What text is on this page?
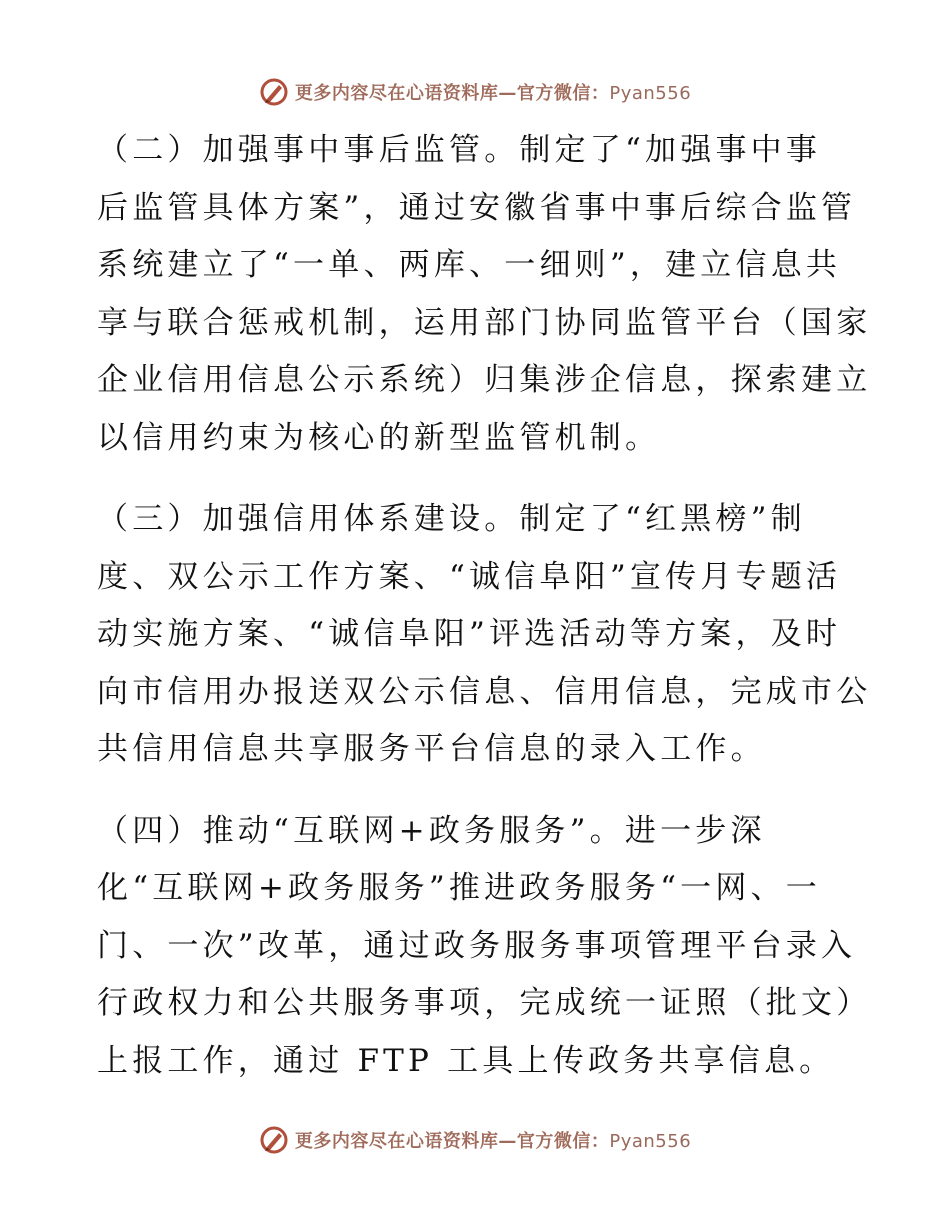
更多内容尽在心语资料库—官方微信：Pyan556
（二）加强事中事后监管。制定了“加强事中事
后监管具体方案”，通过安徽省事中事后综合监管
系统建立了“一单、两库、一细则”，建立信息共
享与联合惩戒机制，运用部门协同监管平台（国家
企业信用信息公示系统）归集涉企信息，探索建立
以信用约束为核心的新型监管机制。
（三）加强信用体系建设。制定了“红黑榜”制
度、双公示工作方案、“诚信阜阳”宣传月专题活
动实施方案、“诚信阜阳”评选活动等方案，及时
向市信用办报送双公示信息、信用信息，完成市公
共信用信息共享服务平台信息的录入工作。
（四）推动“互联网+政务服务”。进一步深
化“互联网+政务服务”推进政务服务“一网、一
门、一次”改革，通过政务服务事项管理平台录入
行政权力和公共服务事项，完成统一证照（批文）
上报工作，通过 FTP 工具上传政务共享信息。
更多内容尽在心语资料库—官方微信：Pyan556
